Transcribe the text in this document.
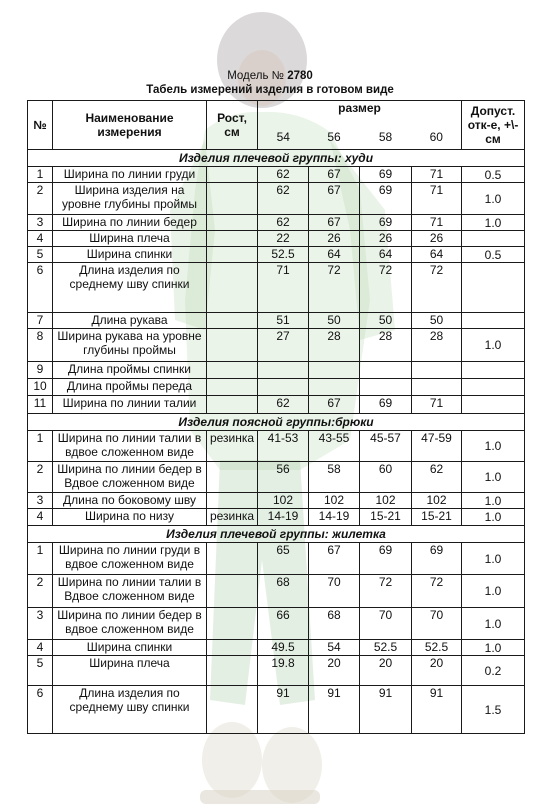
Модель № 2780
Табель измерений изделия в готовом виде
№	Наименование измерения	Рост, см	размер				Допуст. отк-е, +\-см
			54	56	58	60	
Изделия плечевой группы: худи							
1	Ширина по линии груди		62	67	69	71	0.5
2	Ширина изделия на уровне глубины проймы		62	67	69	71	1.0
3	Ширина по линии бедер		62	67	69	71	1.0
4	Ширина плеча		22	26	26	26	
5	Ширина спинки		52.5	64	64	64	0.5
6	Длина изделия по среднему шву спинки		71	72	72	72	
7	Длина рукава		51	50	50	50	
8	Ширина рукава на уровне глубины проймы		27	28	28	28	1.0
9	Длина проймы спинки						
10	Длина проймы переда						
11	Ширина по линии талии		62	67	69	71	
Изделия поясной группы:брюки							
1	Ширина по линии талии в вдвое сложенном виде	резинка	41-53	43-55	45-57	47-59	1.0
2	Ширина по линии бедер в Вдвое сложенном виде		56	58	60	62	1.0
3	Длина по боковому шву		102	102	102	102	1.0
4	Ширина по низу	резинка	14-19	14-19	15-21	15-21	1.0
Изделия плечевой группы: жилетка							
1	Ширина по линии груди в вдвое сложенном виде		65	67	69	69	1.0
2	Ширина по линии талии в Вдвое сложенном виде		68	70	72	72	1.0
3	Ширина по линии бедер в вдвое сложенном виде		66	68	70	70	1.0
4	Ширина спинки		49.5	54	52.5	52.5	1.0
5	Ширина плеча		19.8	20	20	20	0.2
6	Длина изделия по среднему шву спинки		91	91	91	91	1.5
